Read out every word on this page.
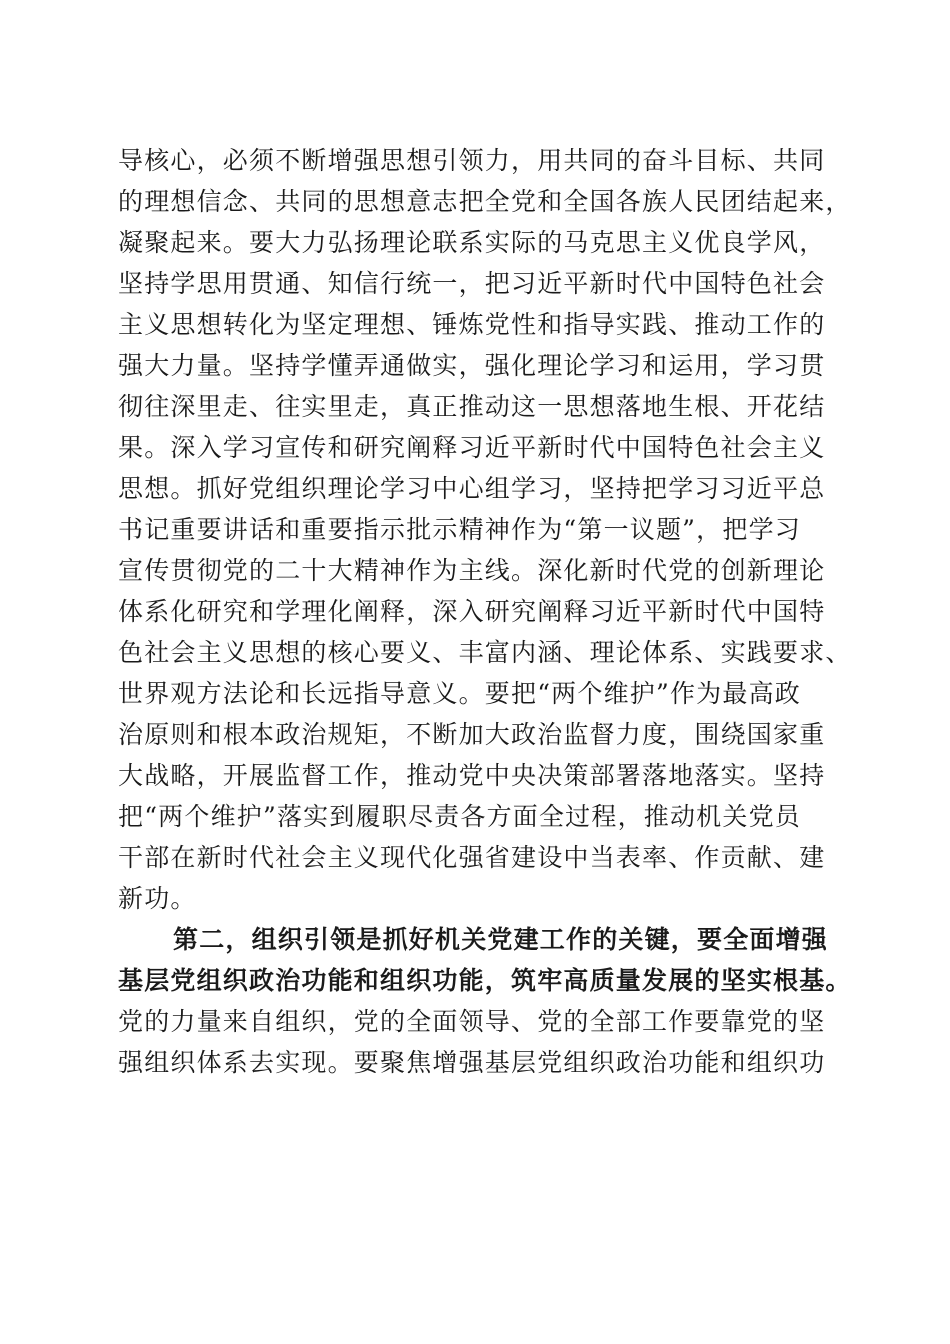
导核心，必须不断增强思想引领力，用共同的奋斗目标、共同
的理想信念、共同的思想意志把全党和全国各族人民团结起来，
凝聚起来。要大力弘扬理论联系实际的马克思主义优良学风，
坚持学思用贯通、知信行统一，把习近平新时代中国特色社会
主义思想转化为坚定理想、锤炼党性和指导实践、推动工作的
强大力量。坚持学懂弄通做实，强化理论学习和运用，学习贯
彻往深里走、往实里走，真正推动这一思想落地生根、开花结
果。深入学习宣传和研究阐释习近平新时代中国特色社会主义
思想。抓好党组织理论学习中心组学习，坚持把学习习近平总
书记重要讲话和重要指示批示精神作为“第一议题”，把学习
宣传贯彻党的二十大精神作为主线。深化新时代党的创新理论
体系化研究和学理化阐释，深入研究阐释习近平新时代中国特
色社会主义思想的核心要义、丰富内涵、理论体系、实践要求、
世界观方法论和长远指导意义。要把“两个维护”作为最高政
治原则和根本政治规矩，不断加大政治监督力度，围绕国家重
大战略，开展监督工作，推动党中央决策部署落地落实。坚持
把“两个维护”落实到履职尽责各方面全过程，推动机关党员
干部在新时代社会主义现代化强省建设中当表率、作贡献、建
新功。
第二，组织引领是抓好机关党建工作的关键，要全面增强
基层党组织政治功能和组织功能，筑牢高质量发展的坚实根基。
党的力量来自组织，党的全面领导、党的全部工作要靠党的坚
强组织体系去实现。要聚焦增强基层党组织政治功能和组织功
